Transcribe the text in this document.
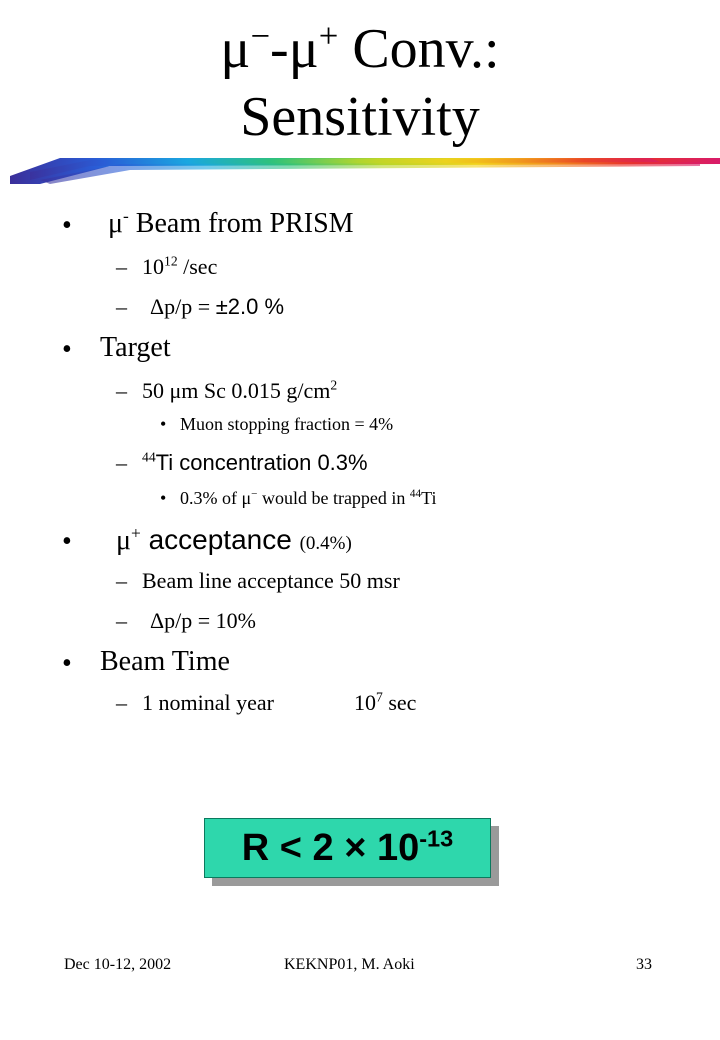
μ−-μ+ Conv.:
Sensitivity
• μ- Beam from PRISM
– $10^{12}$ /sec
– Δp/p = ±2.0 %
• Target
– 50 μm Sc 0.015 $g/cm^2$
• Muon stopping fraction = 4%
– $^{44}$Ti concentration 0.3%
• 0.3% of μ− would be trapped in $^{44}$Ti
• μ+ acceptance (0.4%)
– Beam line acceptance 50 msr
– Δp/p = 10%
• Beam Time
– 1 nominal year	$10^7$ sec
$R < 2 \times 10^{-13}$
Dec 10-12, 2002	KEKNP01, M. Aoki	33
